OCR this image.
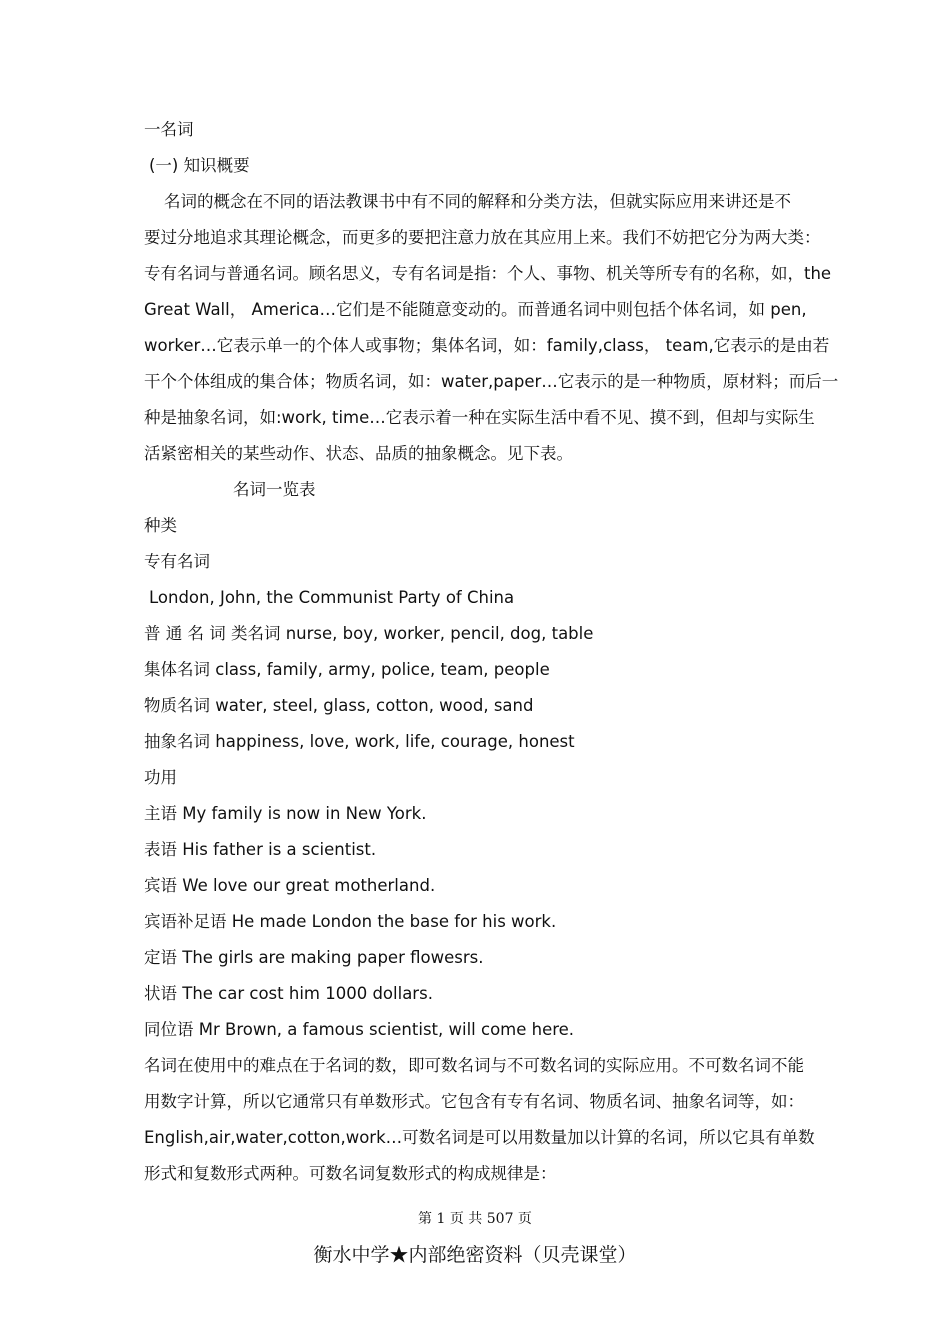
一名词
(一) 知识概要
名词的概念在不同的语法教课书中有不同的解释和分类方法，但就实际应用来讲还是不
要过分地追求其理论概念，而更多的要把注意力放在其应用上来。我们不妨把它分为两大类：
专有名词与普通名词。顾名思义，专有名词是指：个人、事物、机关等所专有的名称，如，the
Great Wall， America…它们是不能随意变动的。而普通名词中则包括个体名词，如 pen,
worker…它表示单一的个体人或事物；集体名词，如：family,class， team,它表示的是由若
干个个体组成的集合体；物质名词，如：water,paper…它表示的是一种物质，原材料；而后一
种是抽象名词，如:work, time…它表示着一种在实际生活中看不见、摸不到，但却与实际生
活紧密相关的某些动作、状态、品质的抽象概念。见下表。
名词一览表
种类
专有名词
London, John, the Communist Party of China
普 通 名 词 类名词 nurse, boy, worker, pencil, dog, table
集体名词 class, family, army, police, team, people
物质名词 water, steel, glass, cotton, wood, sand
抽象名词 happiness, love, work, life, courage, honest
功用
主语 My family is now in New York.
表语 His father is a scientist.
宾语 We love our great motherland.
宾语补足语 He made London the base for his work.
定语 The girls are making paper flowesrs.
状语 The car cost him 1000 dollars.
同位语 Mr Brown, a famous scientist, will come here.
名词在使用中的难点在于名词的数，即可数名词与不可数名词的实际应用。不可数名词不能
用数字计算，所以它通常只有单数形式。它包含有专有名词、物质名词、抽象名词等，如：
English,air,water,cotton,work…可数名词是可以用数量加以计算的名词，所以它具有单数
形式和复数形式两种。可数名词复数形式的构成规律是：
第 1 页 共 507 页
衡水中学★内部绝密资料（贝壳课堂）
